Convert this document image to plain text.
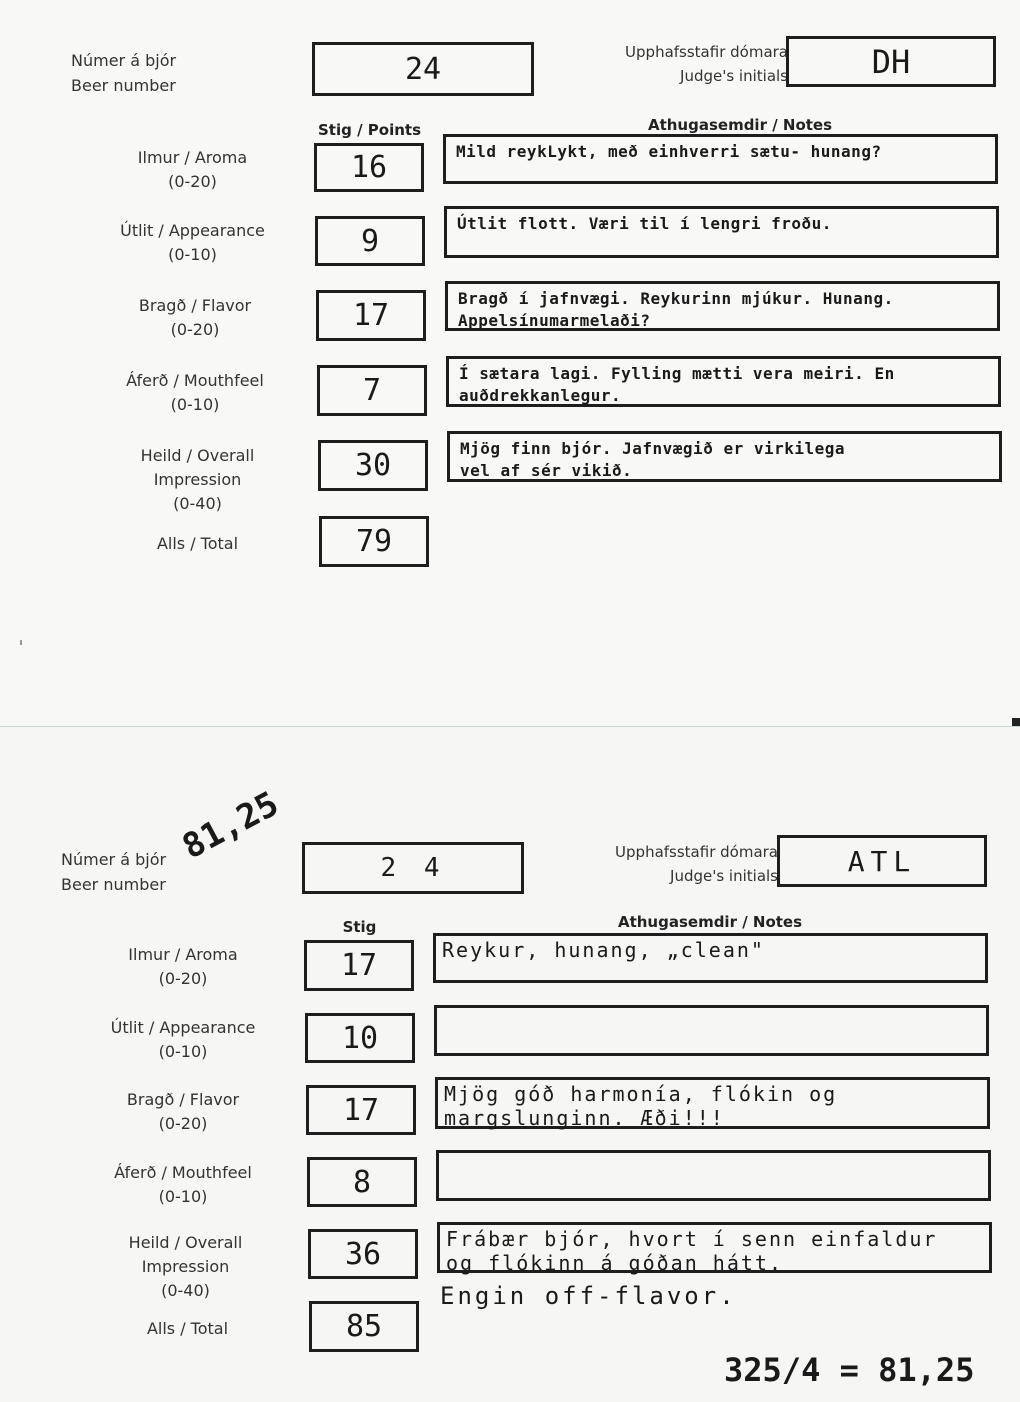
Númer á bjór
Beer number	24	Upphafsstafir dómara
Judge's initials	DH
Stig / Points	Athugasemdir / Notes
Ilmur / Aroma
(0-20)	16	Mild reykLykt, með einhverri sætu- hunang?
Útlit / Appearance
(0-10)	9	Útlit flott. Væri til í lengri froðu.
Bragð / Flavor
(0-20)	17	Bragð í jafnvægi. Reykurinn mjúkur. Hunang.
Appelsínumarmelaði?
Áferð / Mouthfeel
(0-10)	7	Í sætara lagi. Fylling mætti vera meiri. En
auðdrekkanlegur.
Heild / Overall Impression
(0-40)
30	Mjög finn bjór. Jafnvægið er virkilega
vel af sér vikið.
Alls / Total	79
81,25
Númer á bjór
Beer number
2 4
Upphafsstafir dómara
Judge's initials ATL
Stig	Athugasemdir / Notes
Ilmur / Aroma
(0-20)	17	Reykur, hunang, „clean"
Útlit / Appearance
(0-10)	10
Bragð / Flavor
(0-20)	17	Mjög góð harmonía, flókin og
margslunginn. Æði!!!
Áferð / Mouthfeel
(0-10)	8
Heild / Overall Impression
(0-40)
36	Frábær bjór, hvort í senn einfaldur
og flókinn á góðan hátt.
Engin off-flavor.
Alls / Total	85
325/4 = 81,25
